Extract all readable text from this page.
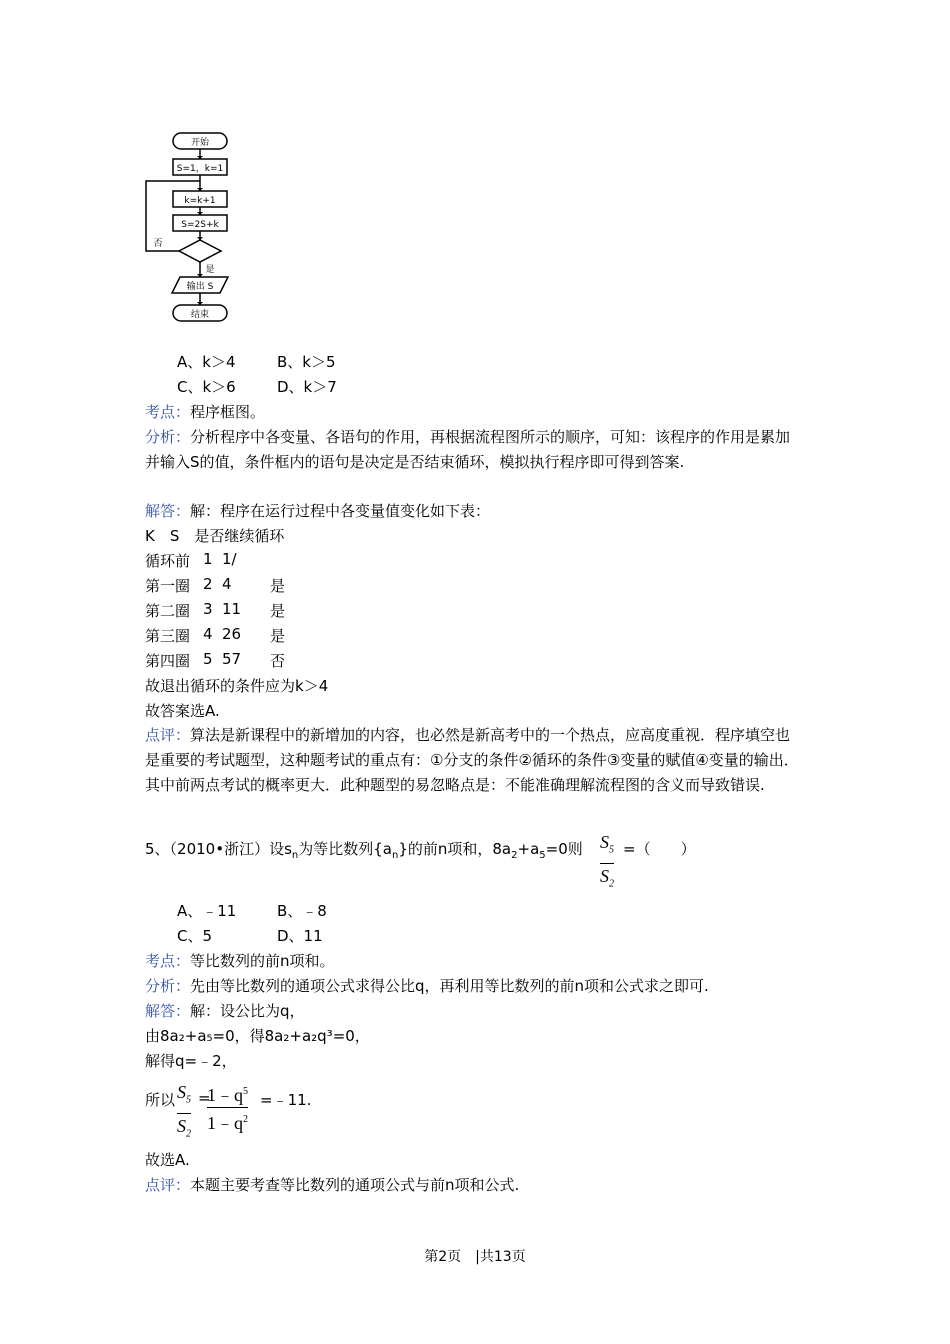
开始
S=1，k=1
k=k+1
S=2S+k
否
是
输出 S
结束
A、k＞4	B、k＞5
C、k＞6	D、k＞7
考点：程序框图。
分析：分析程序中各变量、各语句的作用，再根据流程图所示的顺序，可知：该程序的作用是累加并输入S的值，条件框内的语句是决定是否结束循环，模拟执行程序即可得到答案.
解答：解：程序在运行过程中各变量值变化如下表：
K　S　是否继续循环
循环前 1 1/
第一圈 2 4	是
第二圈 3 11 是
第三圈 4 26 是
第四圈 5 57 否
故退出循环的条件应为k＞4
故答案选A.
点评：算法是新课程中的新增加的内容，也必然是新高考中的一个热点，应高度重视．程序填空也是重要的考试题型，这种题考试的重点有：①分支的条件②循环的条件③变量的赋值④变量的输出．其中前两点考试的概率更大．此种题型的易忽略点是：不能准确理解流程图的含义而导致错误.
5、（2010•浙江）设$s_n$为等比数列$\{a_n\}$的前n项和，$8a_2+a_5=0$则 $S_5$
$S_2$
=（　　）
A、﹣11	B、﹣8
C、5	D、11
考点：等比数列的前n项和。
分析：先由等比数列的通项公式求得公比q，再利用等比数列的前n项和公式求之即可.
解答：解：设公比为q，
由8a₂+a₅=0，得8a₂+a₂q³=0，
解得q=﹣2，
所以 $S_5$
$S_2$
=
$1﹣q^5$
$1﹣q^2$
=﹣11.
故选A.
点评：本题主要考查等比数列的通项公式与前n项和公式.
第2页　|共13页
